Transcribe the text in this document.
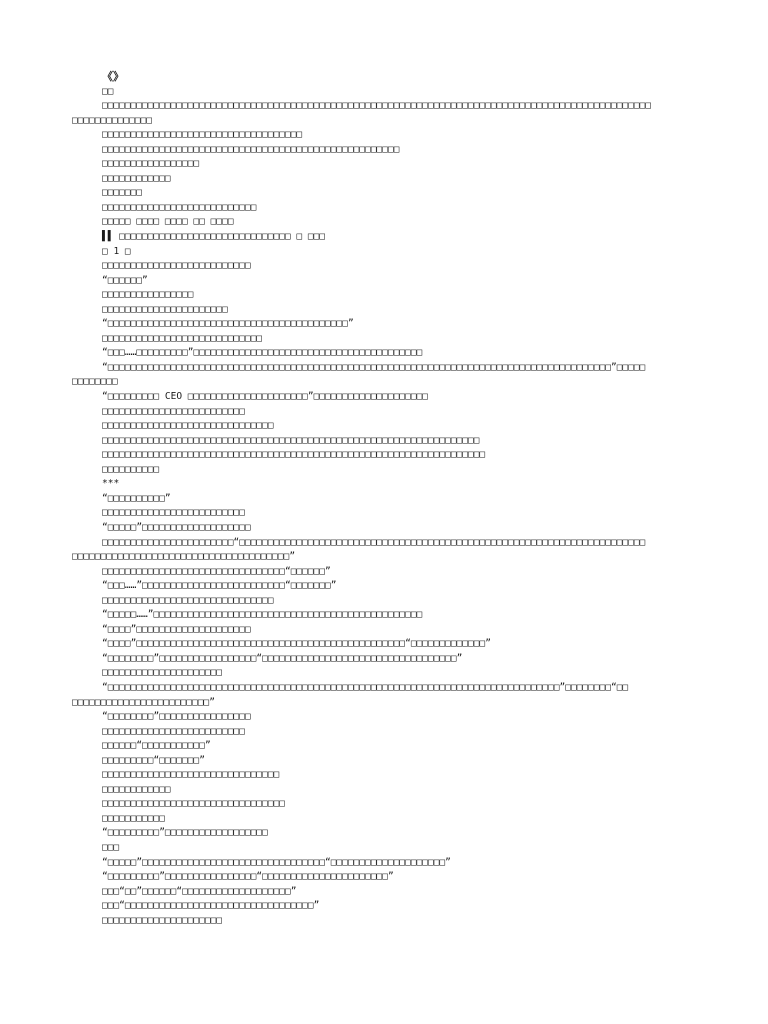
《》
□□
□□□□□□□□□□□□□□□□□□□□□□□□□□□□□□□□□□□□□□□□□□□□□□□□□□□□□□□□□□□□□□□□□□□□□□□□□□□□□□□□□□□□□□□□□□□□□□□□
□□□□□□□□□□□□□□
□□□□□□□□□□□□□□□□□□□□□□□□□□□□□□□□□□□
□□□□□□□□□□□□□□□□□□□□□□□□□□□□□□□□□□□□□□□□□□□□□□□□□□□□
□□□□□□□□□□□□□□□□□
□□□□□□□□□□□□
□□□□□□□
□□□□□□□□□□□□□□□□□□□□□□□□□□□
□□□□□ □□□□ □□□□ □□ □□□□
▌▌ □□□□□□□□□□□□□□□□□□□□□□□□□□□□□□ □ □□□
□ 1 □
□□□□□□□□□□□□□□□□□□□□□□□□□□
“□□□□□□”
□□□□□□□□□□□□□□□□
□□□□□□□□□□□□□□□□□□□□□□
“□□□□□□□□□□□□□□□□□□□□□□□□□□□□□□□□□□□□□□□□□□”
□□□□□□□□□□□□□□□□□□□□□□□□□□□□
“□□□……□□□□□□□□□”□□□□□□□□□□□□□□□□□□□□□□□□□□□□□□□□□□□□□□□□
“□□□□□□□□□□□□□□□□□□□□□□□□□□□□□□□□□□□□□□□□□□□□□□□□□□□□□□□□□□□□□□□□□□□□□□□□□□□□□□□□□□□□□□□□”□□□□□
□□□□□□□□
“□□□□□□□□□ CEO □□□□□□□□□□□□□□□□□□□□□”□□□□□□□□□□□□□□□□□□□□
□□□□□□□□□□□□□□□□□□□□□□□□□
□□□□□□□□□□□□□□□□□□□□□□□□□□□□□□
□□□□□□□□□□□□□□□□□□□□□□□□□□□□□□□□□□□□□□□□□□□□□□□□□□□□□□□□□□□□□□□□□□
□□□□□□□□□□□□□□□□□□□□□□□□□□□□□□□□□□□□□□□□□□□□□□□□□□□□□□□□□□□□□□□□□□□
□□□□□□□□□□
***
“□□□□□□□□□□”
□□□□□□□□□□□□□□□□□□□□□□□□□
“□□□□□”□□□□□□□□□□□□□□□□□□□
□□□□□□□□□□□□□□□□□□□□□□□“□□□□□□□□□□□□□□□□□□□□□□□□□□□□□□□□□□□□□□□□□□□□□□□□□□□□□□□□□□□□□□□□□□□□□□□
□□□□□□□□□□□□□□□□□□□□□□□□□□□□□□□□□□□□□□”
□□□□□□□□□□□□□□□□□□□□□□□□□□□□□□□□“□□□□□□”
“□□□……”□□□□□□□□□□□□□□□□□□□□□□□□□“□□□□□□□”
□□□□□□□□□□□□□□□□□□□□□□□□□□□□□□
“□□□□□……”□□□□□□□□□□□□□□□□□□□□□□□□□□□□□□□□□□□□□□□□□□□□□□□
“□□□□”□□□□□□□□□□□□□□□□□□□□
“□□□□”□□□□□□□□□□□□□□□□□□□□□□□□□□□□□□□□□□□□□□□□□□□□□□□“□□□□□□□□□□□□□”
“□□□□□□□□”□□□□□□□□□□□□□□□□□“□□□□□□□□□□□□□□□□□□□□□□□□□□□□□□□□□□”
□□□□□□□□□□□□□□□□□□□□□
“□□□□□□□□□□□□□□□□□□□□□□□□□□□□□□□□□□□□□□□□□□□□□□□□□□□□□□□□□□□□□□□□□□□□□□□□□□□□□□□”□□□□□□□□“□□
□□□□□□□□□□□□□□□□□□□□□□□□”
“□□□□□□□□”□□□□□□□□□□□□□□□□
□□□□□□□□□□□□□□□□□□□□□□□□□
□□□□□□“□□□□□□□□□□□”
□□□□□□□□□“□□□□□□□”
□□□□□□□□□□□□□□□□□□□□□□□□□□□□□□□
□□□□□□□□□□□□
□□□□□□□□□□□□□□□□□□□□□□□□□□□□□□□□
□□□□□□□□□□□
“□□□□□□□□□”□□□□□□□□□□□□□□□□□□
□□□
“□□□□□”□□□□□□□□□□□□□□□□□□□□□□□□□□□□□□□□“□□□□□□□□□□□□□□□□□□□□”
“□□□□□□□□□”□□□□□□□□□□□□□□□□“□□□□□□□□□□□□□□□□□□□□□□”
□□□“□□”□□□□□□“□□□□□□□□□□□□□□□□□□□”
□□□“□□□□□□□□□□□□□□□□□□□□□□□□□□□□□□□□□”
□□□□□□□□□□□□□□□□□□□□□
